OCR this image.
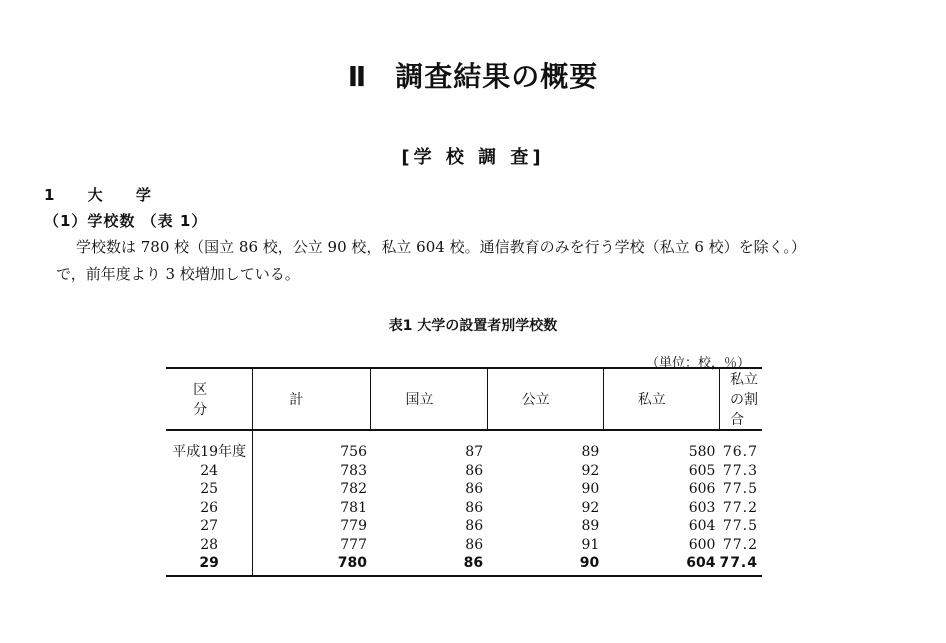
Ⅱ 調査結果の概要
[学 校 調 査]
1 大 学
（1）学校数 （表 1）
学校数は 780 校（国立 86 校，公立 90 校，私立 604 校。通信教育のみを行う学校（私立 6 校）を除く。）
で，前年度より 3 校増加している。
表1 大学の設置者別学校数
（単位：校，％）
区 分	計	国立	公立	私立	私立の割合

平成19年度	756	87	89	580	76.7
24	783	86	92	605	77.3
25	782	86	90	606	77.5
26	781	86	92	603	77.2
27	779	86	89	604	77.5
28	777	86	91	600	77.2
29	780	86	90	604	77.4
